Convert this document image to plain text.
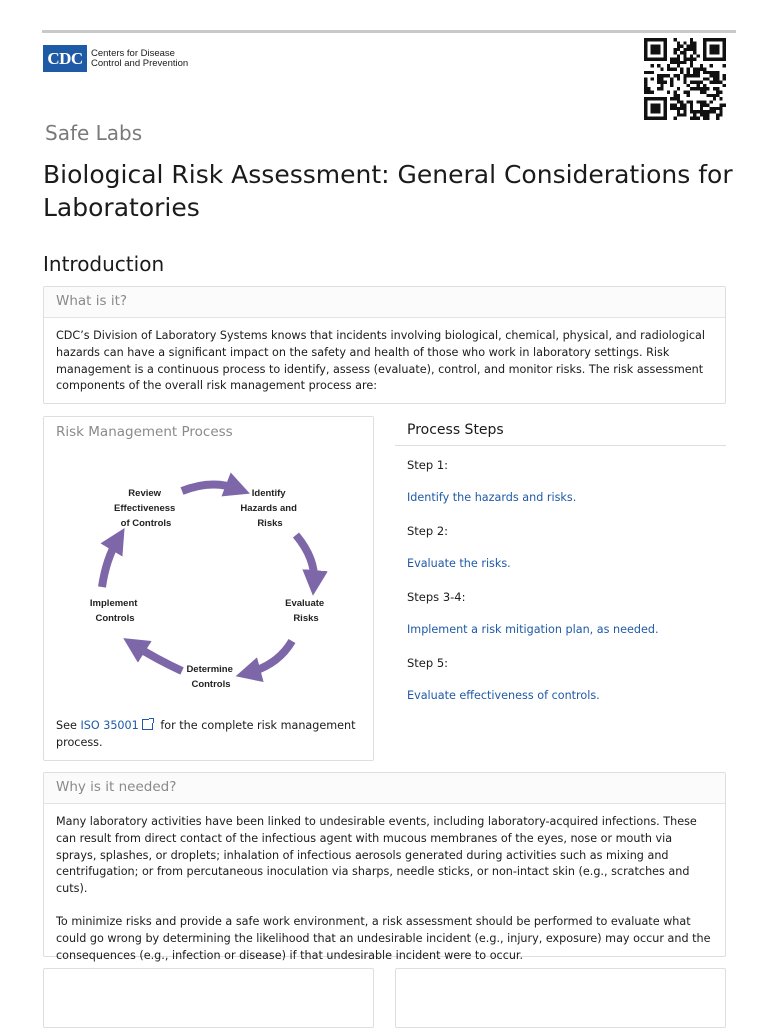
CDC Centers for Disease
Control and Prevention
Safe Labs
Biological Risk Assessment: General Considerations for Laboratories
Introduction
What is it?

CDC’s Division of Laboratory Systems knows that incidents involving biological, chemical, physical, and radiological hazards can have a significant impact on the safety and health of those who work in laboratory settings. Risk management is a continuous process to identify, assess (evaluate), control, and monitor risks. The risk assessment components of the overall risk management process are:

Risk Management Process
Identify Hazards and Risks
Evaluate Risks
Determine Controls
Implement Controls
Review Effectiveness of Controls
See ISO 35001 for the complete risk management process.
Process Steps
Step 1:
Identify the hazards and risks.
Step 2:
Evaluate the risks.
Steps 3-4:
Implement a risk mitigation plan, as needed.
Step 5:
Evaluate effectiveness of controls.
Why is it needed?

Many laboratory activities have been linked to undesirable events, including laboratory-acquired infections. These can result from direct contact of the infectious agent with mucous membranes of the eyes, nose or mouth via sprays, splashes, or droplets; inhalation of infectious aerosols generated during activities such as mixing and centrifugation; or from percutaneous inoculation via sharps, needle sticks, or non-intact skin (e.g., scratches and cuts).

To minimize risks and provide a safe work environment, a risk assessment should be performed to evaluate what could go wrong by determining the likelihood that an undesirable incident (e.g., injury, exposure) may occur and the consequences (e.g., infection or disease) if that undesirable incident were to occur.
